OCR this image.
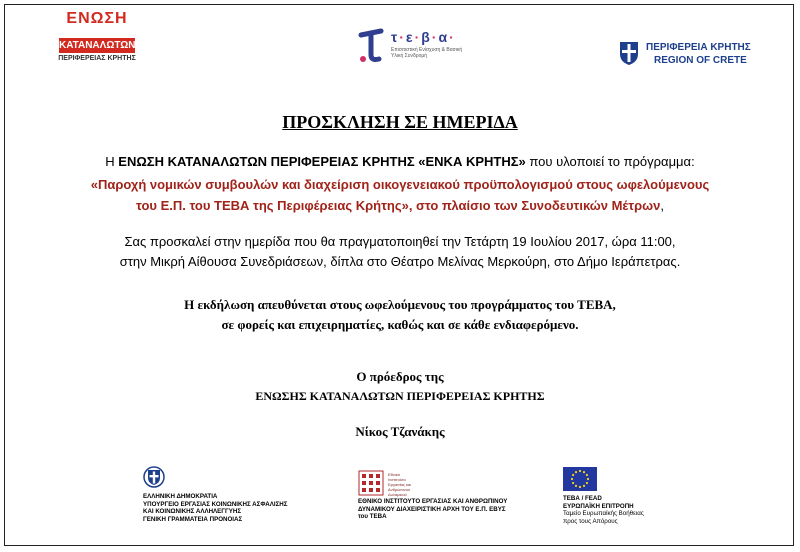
ΕΝΩΣΗ
ΚΑΤΑΝΑΛΩΤΩΝ
ΠΕΡΙΦΕΡΕΙΑΣ ΚΡΗΤΗΣ
τ·ε·β·α·
Επισιτιστική Ενίσχυση & Βασική Υλική Συνδρομή
ΠΕΡΙΦΕΡΕΙΑ ΚΡΗΤΗΣ
REGION OF CRETE
ΠΡΟΣΚΛΗΣΗ ΣΕ ΗΜΕΡΙΔΑ
Η ΕΝΩΣΗ ΚΑΤΑΝΑΛΩΤΩΝ ΠΕΡΙΦΕΡΕΙΑΣ ΚΡΗΤΗΣ «ΕΝΚΑ ΚΡΗΤΗΣ» που υλοποιεί το πρόγραμμα:
«Παροχή νομικών συμβουλών και διαχείριση οικογενειακού προϋπολογισμού στους ωφελούμενους
του Ε.Π. του ΤΕΒΑ της Περιφέρειας Κρήτης», στο πλαίσιο των Συνοδευτικών Μέτρων,
Σας προσκαλεί στην ημερίδα που θα πραγματοποιηθεί την Τετάρτη 19 Ιουλίου 2017, ώρα 11:00,
στην Μικρή Αίθουσα Συνεδριάσεων, δίπλα στο Θέατρο Μελίνας Μερκούρη, στο Δήμο Ιεράπετρας.
Η εκδήλωση απευθύνεται στους ωφελούμενους του προγράμματος του ΤΕΒΑ,
σε φορείς και επιχειρηματίες, καθώς και σε κάθε ενδιαφερόμενο.
Ο πρόεδρος της
ΕΝΩΣΗΣ ΚΑΤΑΝΑΛΩΤΩΝ ΠΕΡΙΦΕΡΕΙΑΣ ΚΡΗΤΗΣ
Νίκος Τζανάκης
ΕΛΛΗΝΙΚΗ ΔΗΜΟΚΡΑΤΙΑ
ΥΠΟΥΡΓΕΙΟ ΕΡΓΑΣΙΑΣ ΚΟΙΝΩΝΙΚΗΣ ΑΣΦΑΛΙΣΗΣ
ΚΑΙ ΚΟΙΝΩΝΙΚΗΣ ΑΛΛΗΛΕΓΓΥΗΣ
ΓΕΝΙΚΗ ΓΡΑΜΜΑΤΕΙΑ ΠΡΟΝΟΙΑΣ
Εθνικό
Ινστιτούτο
Εργασίας και
Ανθρώπινου
Δυναμικού
ΕΘΝΙΚΟ ΙΝΣΤΙΤΟΥΤΟ ΕΡΓΑΣΙΑΣ ΚΑΙ ΑΝΘΡΩΠΙΝΟΥ
ΔΥΝΑΜΙΚΟΥ ΔΙΑΧΕΙΡΙΣΤΙΚΗ ΑΡΧΗ ΤΟΥ Ε.Π. ΕΒΥΣ
του ΤΕΒΑ
ΤΕΒΑ / FEAD
ΕΥΡΩΠΑΪΚΗ ΕΠΙΤΡΟΠΗ
Ταμείο Ευρωπαϊκής Βοήθειας
προς τους Απόρους
